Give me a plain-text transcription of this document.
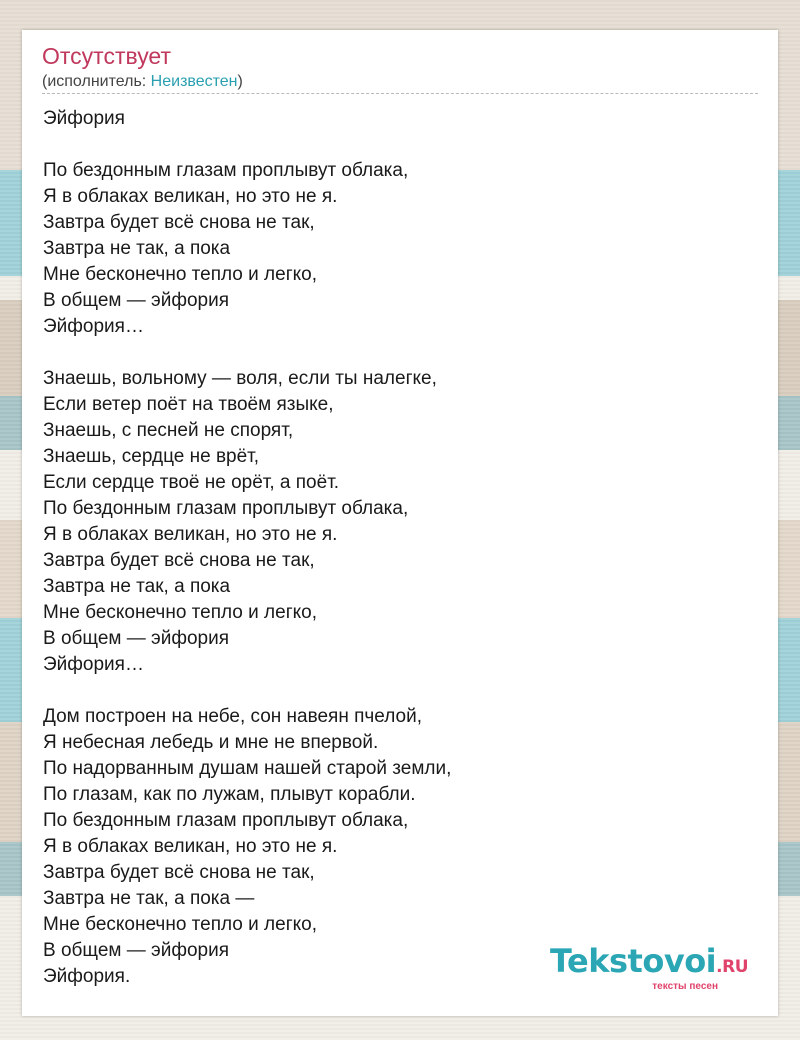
Отсутствует
(исполнитель: Неизвестен)
Эйфория
По бездонным глазам проплывут облака,
Я в облаках великан, но это не я.
Завтра будет всё снова не так,
Завтра не так, а пока
Мне бесконечно тепло и легко,
В общем — эйфория
Эйфория…
Знаешь, вольному — воля, если ты налегке,
Если ветер поёт на твоём языке,
Знаешь, с песней не спорят,
Знаешь, сердце не врёт,
Если сердце твоё не орёт, а поёт.
По бездонным глазам проплывут облака,
Я в облаках великан, но это не я.
Завтра будет всё снова не так,
Завтра не так, а пока
Мне бесконечно тепло и легко,
В общем — эйфория
Эйфория…
Дом построен на небе, сон навеян пчелой,
Я небесная лебедь и мне не впервой.
По надорванным душам нашей старой земли,
По глазам, как по лужам, плывут корабли.
По бездонным глазам проплывут облака,
Я в облаках великан, но это не я.
Завтра будет всё снова не так,
Завтра не так, а пока —
Мне бесконечно тепло и легко,
В общем — эйфория
Эйфория.	Tekstovoi.RU
тексты песен
